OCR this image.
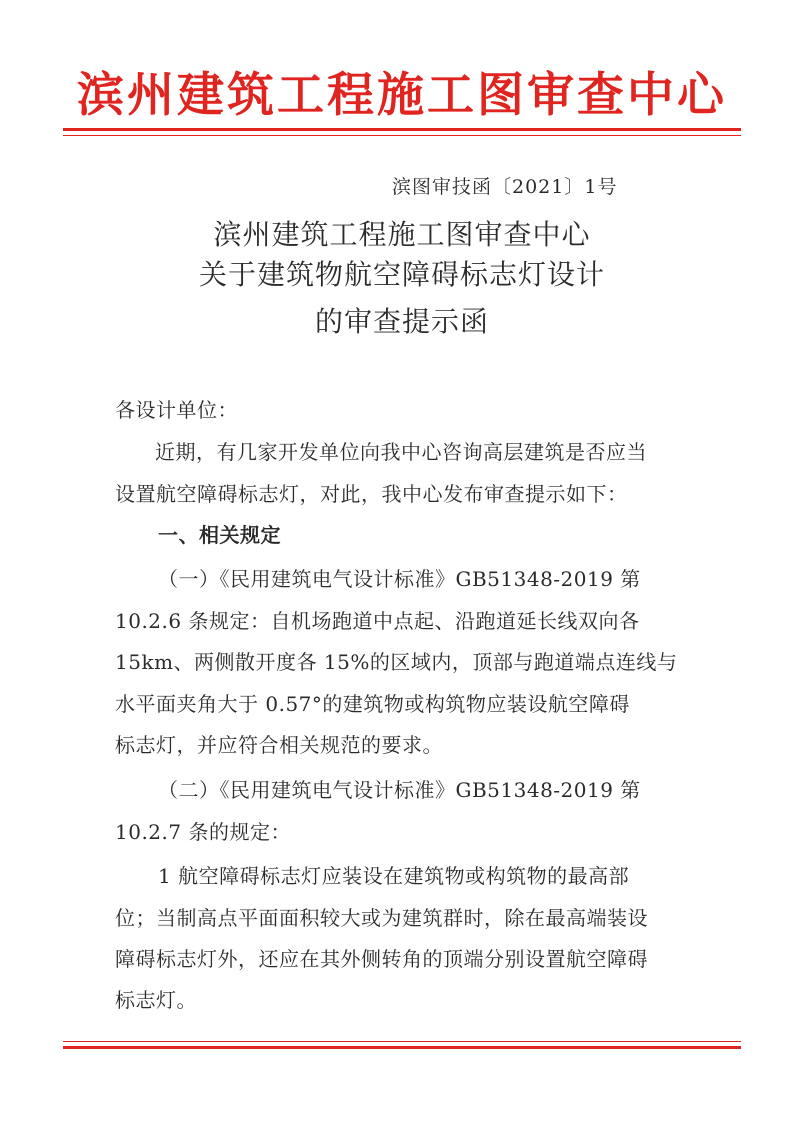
滨州建筑工程施工图审查中心
滨图审技函〔2021〕1号
滨州建筑工程施工图审查中心
关于建筑物航空障碍标志灯设计
的审查提示函
各设计单位：
近期，有几家开发单位向我中心咨询高层建筑是否应当
设置航空障碍标志灯，对此，我中心发布审查提示如下：
一、相关规定
（一）《民用建筑电气设计标准》GB51348-2019 第
10.2.6 条规定：自机场跑道中点起、沿跑道延长线双向各
15km、两侧散开度各 15%的区域内，顶部与跑道端点连线与
水平面夹角大于 0.57°的建筑物或构筑物应装设航空障碍
标志灯，并应符合相关规范的要求。
（二）《民用建筑电气设计标准》GB51348-2019 第
10.2.7 条的规定：
1 航空障碍标志灯应装设在建筑物或构筑物的最高部
位；当制高点平面面积较大或为建筑群时，除在最高端装设
障碍标志灯外，还应在其外侧转角的顶端分别设置航空障碍
标志灯。
